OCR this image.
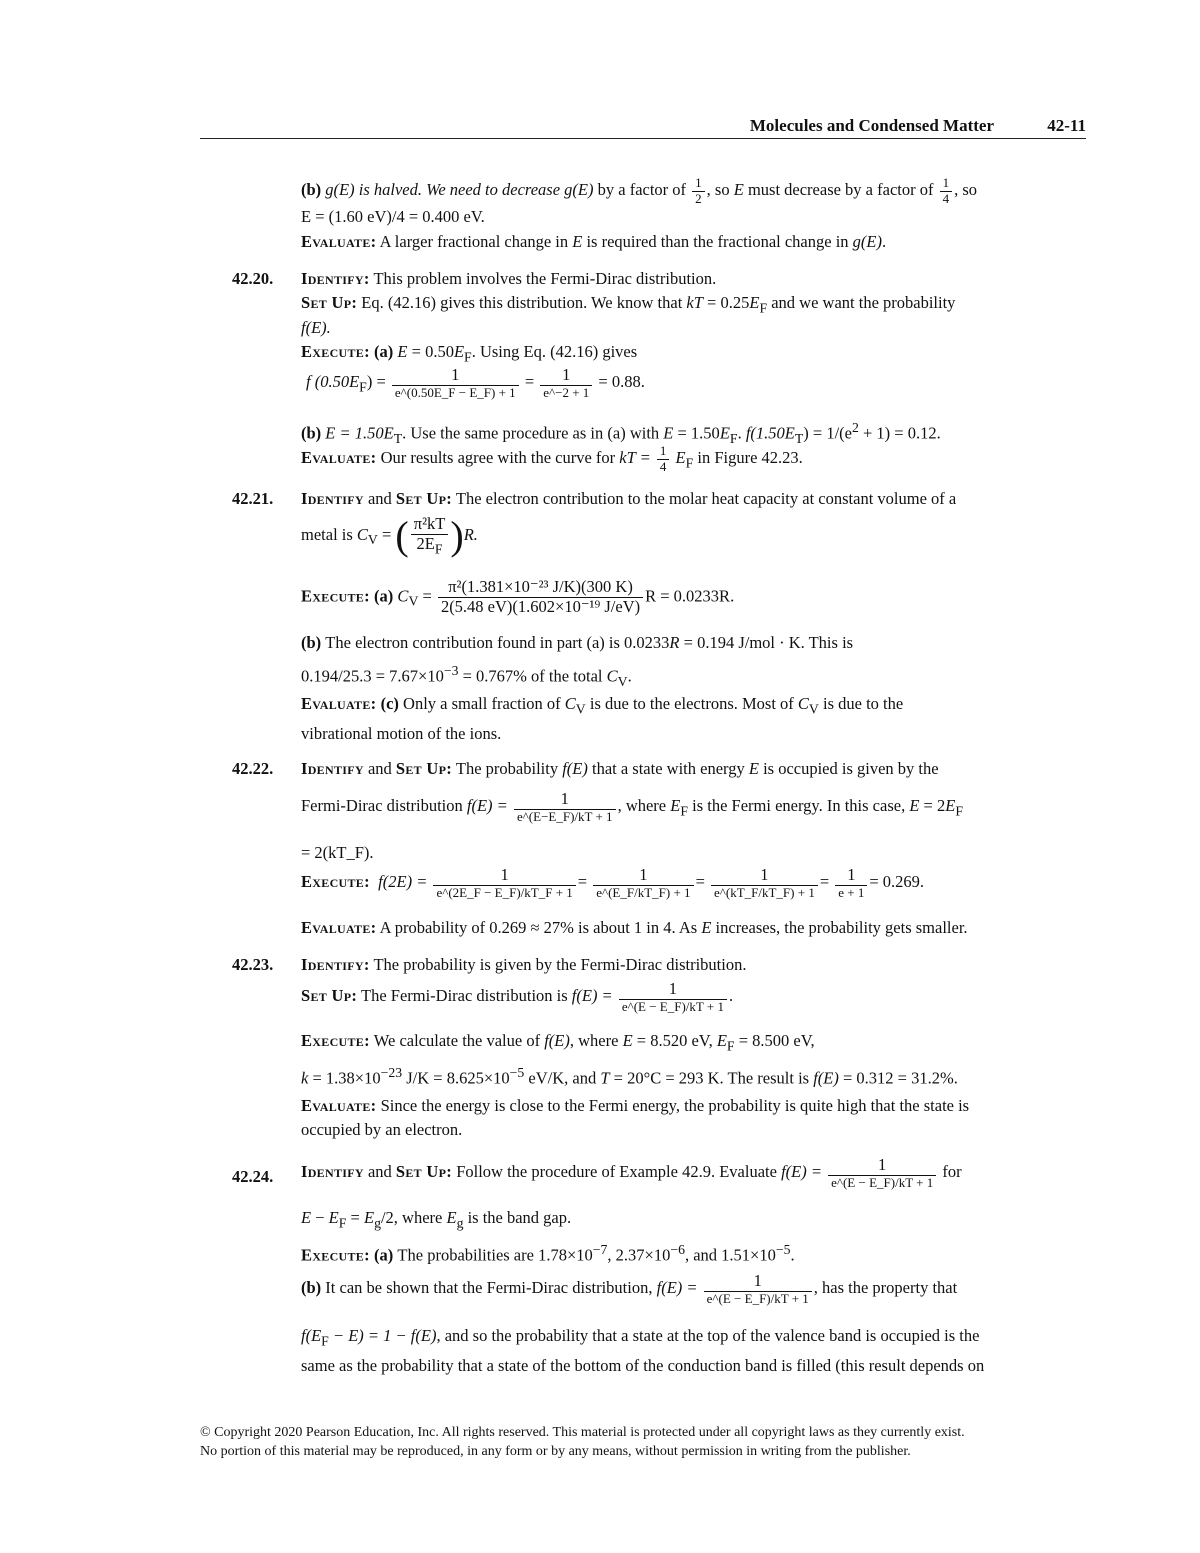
Molecules and Condensed Matter	42-11
(b) g(E) is halved. We need to decrease g(E) by a factor of $\frac{1}{2}$ , so E must decrease by a factor of $\frac{1}{4}$ , so
E = (1.60 eV)/4 = 0.400 eV.
Evaluate: A larger fractional change in E is required than the fractional change in g(E).
42.20. Identify: This problem involves the Fermi-Dirac distribution.
Set Up: Eq. (42.16) gives this distribution. We know that kT = $0.25E_F$ and we want the probability
f(E).
Execute: (a) $E = 0.50E_F$. Using Eq. (42.16) gives
f $(0.50E_F) = \frac{1}{e\^{}(0.50E\_F - E\_F) + 1} = \frac{1}{e\^{}-2 + 1} = 0.88$.
(b) $E = 1.50E_T$. Use the same procedure as in (a) with $E = 1.50E_F$. $f(1.50E_T) = 1/(e^2 + 1) = 0.12$.
Evaluate: Our results agree with the curve for kT = $\frac{1}{4} E_F$ in Figure 42.23.
42.21. Identify and Set Up: The electron contribution to the molar heat capacity at constant volume of a
metal is $C_V$ = ( $\frac{\text{π²kT}}{2E_F} )R$.
Execute: (a) $C_V = \frac{\text{π²(1.381×10⁻²³ J/K)(300 K)}}{\text{2(5.48 eV)(1.602×10⁻¹⁹ J/eV)}}$ R = 0.0233R.
(b) The electron contribution found in part (a) is 0.0233R = 0.194 J/mol · K. This is
$0.194/25.3 = 7.67\times 10^{-3} = 0.767\%$ of the total $C_V$.
Evaluate: (c) Only a small fraction of $C_V$ is due to the electrons. Most of $C_V$ is due to the
vibrational motion of the ions.
42.22. Identify and Set Up: The probability f(E) that a state with energy E is occupied is given by the
Fermi-Dirac distribution $f(E) = \frac{1}{e\^{}(E-E\_F)/kT + 1}$ , where $E_F$ is the Fermi energy. In this case, $E = 2E_F$
= 2(kT_F).
Execute: $f(2E) = \frac{1}{e\^{}(2E\_F - E\_F)/kT\_F + 1} = \frac{1}{e\^{}(E\_F/kT\_F) + 1} = \frac{1}{e\^{}(kT\_F/kT\_F) + 1} = \frac{1}{e + 1} = 0.269$.
Evaluate: A probability of 0.269 ≈ 27% is about 1 in 4. As E increases, the probability gets smaller.
42.23. Identify: The probability is given by the Fermi-Dirac distribution.
Set Up: The Fermi-Dirac distribution is $f(E) = \frac{1}{e\^{}(E - E\_F)/kT + 1}$ .
Execute: We calculate the value of f(E), where E = 8.520 eV, $E_F = 8.500$ eV,
$k = 1.38\times 10^{-23}$ $J/K = 8.625\times 10^{-5}$ eV/K, and T = 20°C = 293 K. The result is f(E) = 0.312 = 31.2%.
Evaluate: Since the energy is close to the Fermi energy, the probability is quite high that the state is
occupied by an electron.
42.24. Identify and Set Up: Follow the procedure of Example 42.9. Evaluate $f(E) = \frac{1}{e\^{}(E - E\_F)/kT + 1}$ for
$E - E_F = E_g/2$, where $E_g$ is the band gap.
Execute: (a) The probabilities are $1.78\times 10^{-7}$, $2.37\times 10^{-6}$, and $1.51\times 10^{-5}$.
(b) It can be shown that the Fermi-Dirac distribution, $f(E) = \frac{1}{e\^{}(E - E\_F)/kT + 1}$ , has the property that
$f(E_F - E) = 1 - f(E)$, and so the probability that a state at the top of the valence band is occupied is the
same as the probability that a state of the bottom of the conduction band is filled (this result depends on
© Copyright 2020 Pearson Education, Inc. All rights reserved. This material is protected under all copyright laws as they currently exist.
No portion of this material may be reproduced, in any form or by any means, without permission in writing from the publisher.
